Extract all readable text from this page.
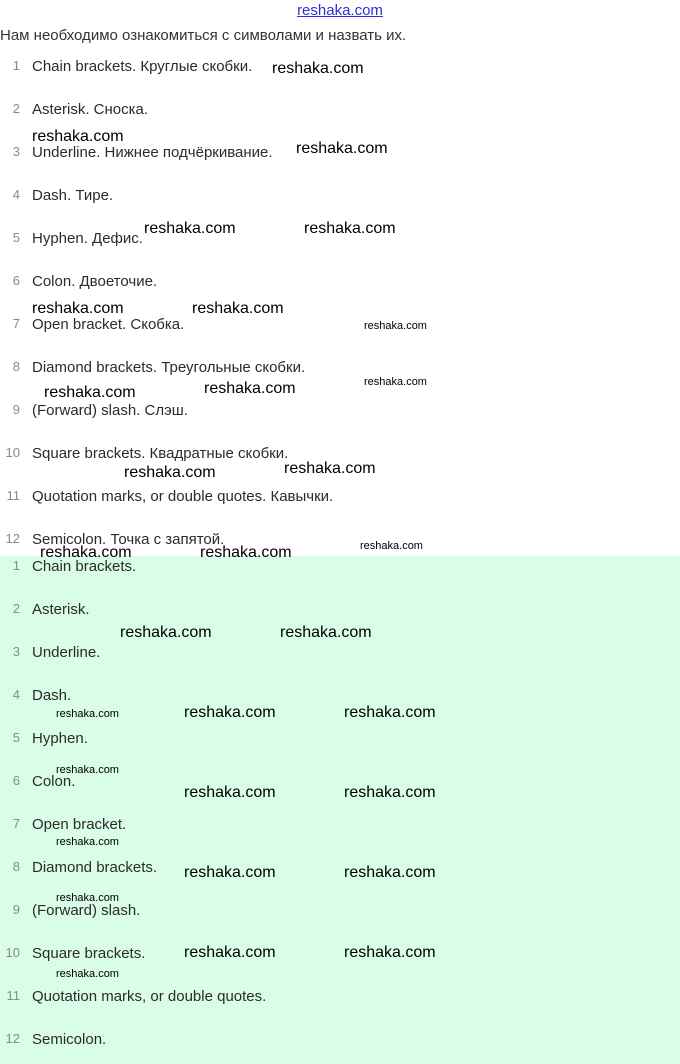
reshaka.com
Нам необходимо ознакомиться с символами и назвать их.
1 Chain brackets. Круглые скобки.
2 Asterisk. Сноска.
3 Underline. Нижнее подчёркивание.
4 Dash. Тире.
5 Hyphen. Дефис.
6 Colon. Двоеточие.
7 Open bracket. Скобка.
8 Diamond brackets. Треугольные скобки.
9 (Forward) slash. Слэш.
10 Square brackets. Квадратные скобки.
11 Quotation marks, or double quotes. Кавычки.
12 Semicolon. Точка с запятой.
1 Chain brackets.
2 Asterisk.
3 Underline.
4 Dash.
5 Hyphen.
6 Colon.
7 Open bracket.
8 Diamond brackets.
9 (Forward) slash.
10 Square brackets.
11 Quotation marks, or double quotes.
12 Semicolon.
reshaka.com
reshaka.com
reshaka.com
reshaka.com	reshaka.com
reshaka.com	reshaka.com
reshaka.com
reshaka.com
reshaka.com	reshaka.com
reshaka.com	reshaka.com
reshaka.com	reshaka.com	reshaka.com
reshaka.com	reshaka.com
reshaka.com	reshaka.com	reshaka.com
reshaka.com
reshaka.com	reshaka.com
reshaka.com
reshaka.com	reshaka.com
reshaka.com
reshaka.com	reshaka.com
reshaka.com
